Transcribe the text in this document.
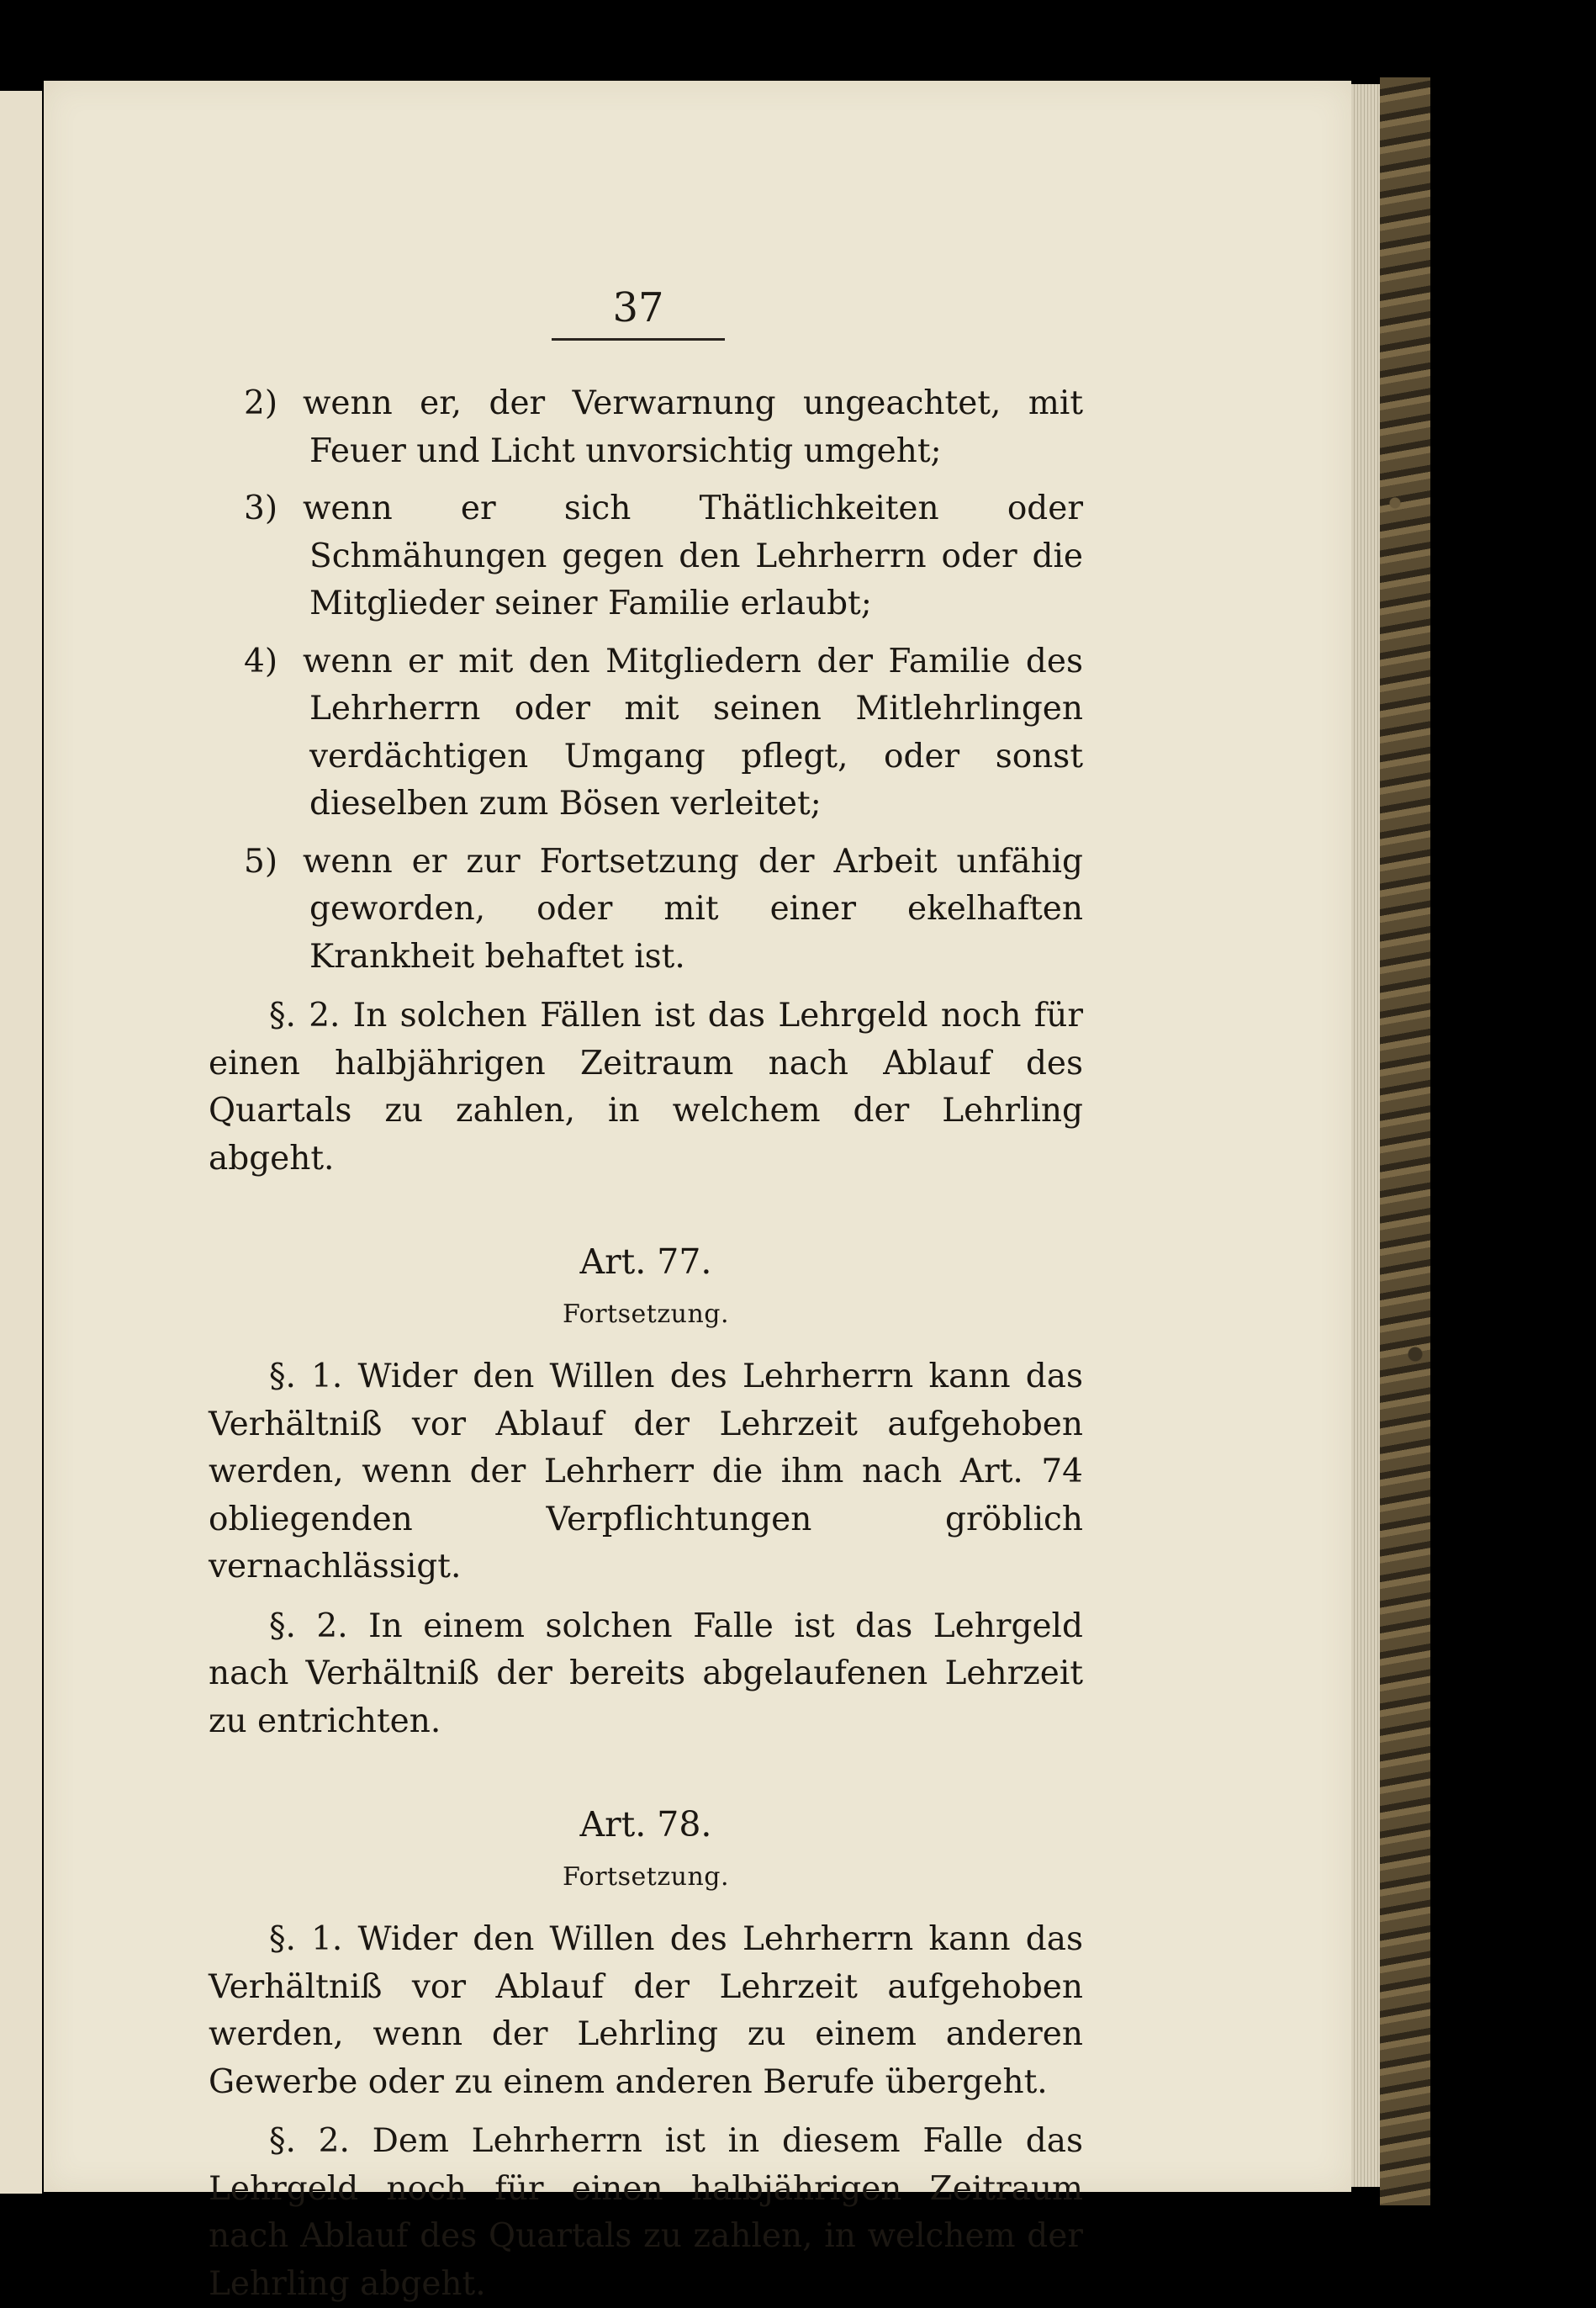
37

2) wenn er, der Verwarnung ungeachtet, mit Feuer und Licht unvorsichtig umgeht;

3) wenn er sich Thätlichkeiten oder Schmähungen gegen den Lehrherrn oder die Mitglieder seiner Familie erlaubt;

4) wenn er mit den Mitgliedern der Familie des Lehrherrn oder mit seinen Mitlehrlingen verdächtigen Umgang pflegt, oder sonst dieselben zum Bösen verleitet;

5) wenn er zur Fortsetzung der Arbeit unfähig geworden, oder mit einer ekelhaften Krankheit behaftet ist.

§. 2. In solchen Fällen ist das Lehrgeld noch für einen halbjährigen Zeitraum nach Ablauf des Quartals zu zahlen, in welchem der Lehrling abgeht.

Art. 77.
Fortsetzung.

§. 1. Wider den Willen des Lehrherrn kann das Verhältniß vor Ablauf der Lehrzeit aufgehoben werden, wenn der Lehrherr die ihm nach Art. 74 obliegenden Verpflichtungen gröblich vernachlässigt.

§. 2. In einem solchen Falle ist das Lehrgeld nach Verhältniß der bereits abgelaufenen Lehrzeit zu entrichten.

Art. 78.
Fortsetzung.

§. 1. Wider den Willen des Lehrherrn kann das Verhältniß vor Ablauf der Lehrzeit aufgehoben werden, wenn der Lehrling zu einem anderen Gewerbe oder zu einem anderen Berufe übergeht.

§. 2. Dem Lehrherrn ist in diesem Falle das Lehrgeld noch für einen halbjährigen Zeitraum nach Ablauf des Quartals zu zahlen, in welchem der Lehrling abgeht.
